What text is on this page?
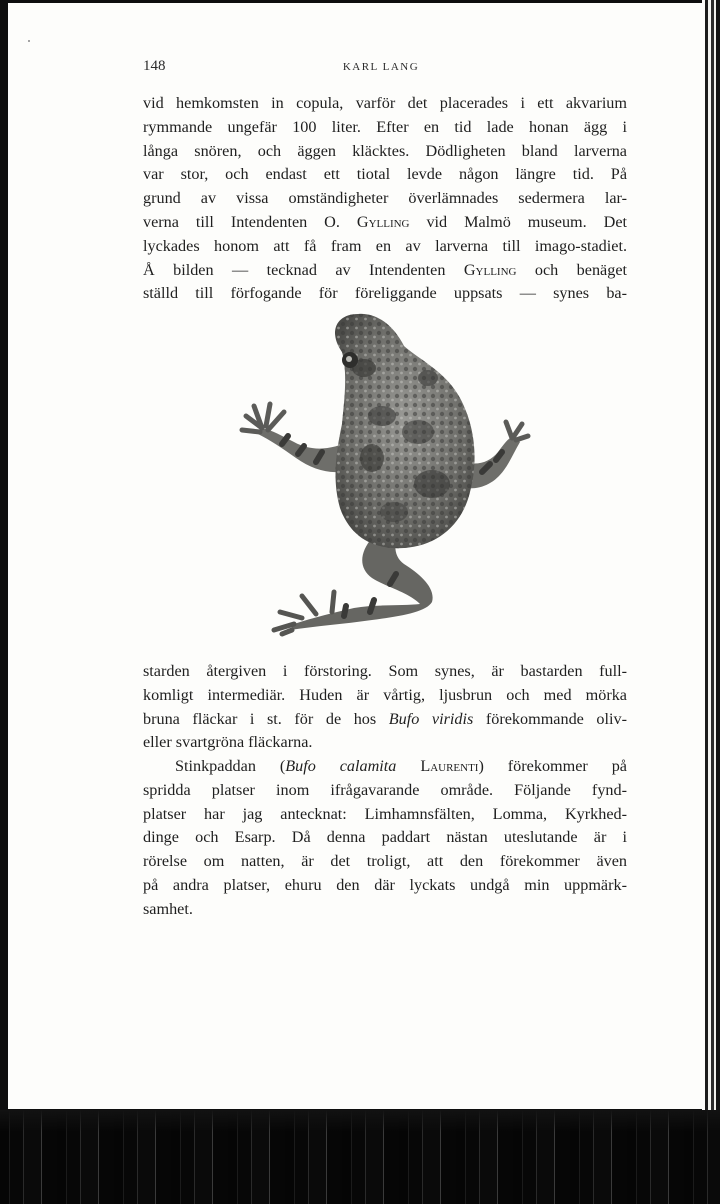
148	KARL LANG

vid hemkomsten in copula, varför det placerades i ett akvarium
rymmande ungefär 100 liter. Efter en tid lade honan ägg i
långa snören, och äggen kläcktes. Dödligheten bland larverna
var stor, och endast ett tiotal levde någon längre tid. På
grund av vissa omständigheter överlämnades sedermera lar-
verna till Intendenten O. Gylling vid Malmö museum. Det
lyckades honom att få fram en av larverna till imago-stadiet.
Å bilden — tecknad av Intendenten Gylling och benäget
ställd till förfogande för föreliggande uppsats — synes ba-

starden återgiven i förstoring. Som synes, är bastarden full-
komligt intermediär. Huden är vårtig, ljusbrun och med mörka
bruna fläckar i st. för de hos Bufo viridis förekommande oliv-
eller svartgröna fläckarna.

Stinkpaddan (Bufo calamita Laurenti) förekommer på
spridda platser inom ifrågavarande område. Följande fynd-
platser har jag antecknat: Limhamnsfälten, Lomma, Kyrkhed-
dinge och Esarp. Då denna paddart nästan uteslutande är i
rörelse om natten, är det troligt, att den förekommer även
på andra platser, ehuru den där lyckats undgå min uppmärk-
samhet.
